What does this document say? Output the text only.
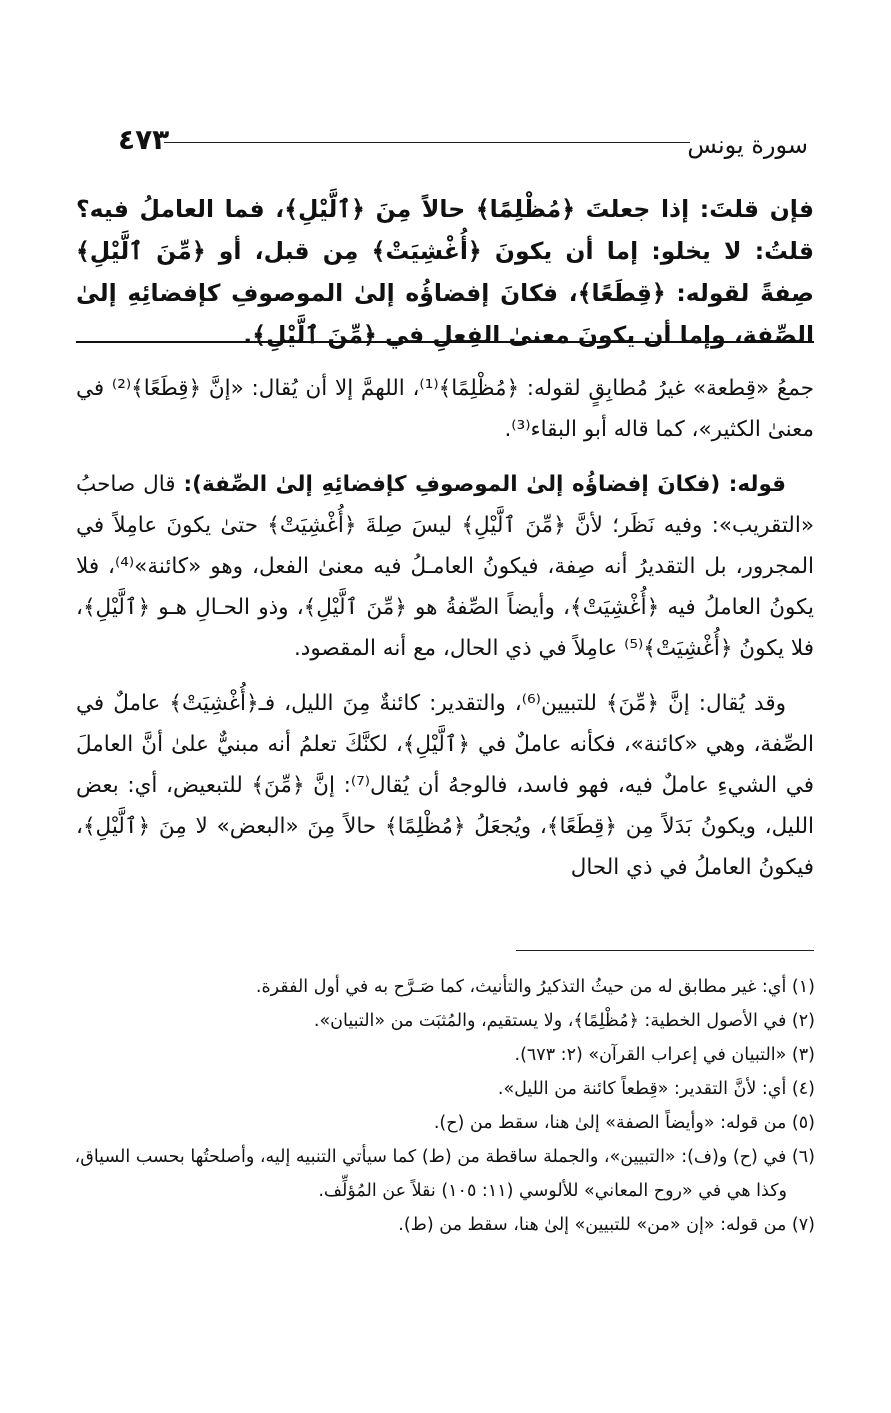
سورة يونس
٤٧٣

فإن قلتَ: إذا جعلتَ ﴿مُظْلِمًا﴾ حالاً مِنَ ﴿ٱلَّيْلِ﴾، فما العاملُ فيه؟ قلتُ: لا يخلو: إما أن يكونَ ﴿أُغْشِيَتْ﴾ مِن قبل، أو ﴿مِّنَ ٱلَّيْلِ﴾ صِفةً لقوله: ﴿قِطَعًا﴾، فكانَ إفضاؤُه إلىٰ الموصوفِ كإفضائِهِ إلىٰ الصِّفة، وإما أن يكونَ معنىٰ الفِعلِ في ﴿مِّنَ ٱلَّيْلِ﴾.

جمعُ «قِطعة» غيرُ مُطابِقٍ لقوله: ﴿مُظْلِمًا﴾⁽¹⁾، اللهمَّ إلا أن يُقال: «إنَّ ﴿قِطَعًا﴾⁽²⁾ في معنىٰ الكثير»، كما قاله أبو البقاء⁽³⁾.

قوله: (فكانَ إفضاؤُه إلىٰ الموصوفِ كإفضائِهِ إلىٰ الصِّفة): قال صاحبُ «التقريب»: وفيه نَظَر؛ لأنَّ ﴿مِّنَ ٱلَّيْلِ﴾ ليسَ صِلةَ ﴿أُغْشِيَتْ﴾ حتىٰ يكونَ عامِلاً في المجرور، بل التقديرُ أنه صِفة، فيكونُ العامـلُ فيه معنىٰ الفعل، وهو «كائنة»⁽⁴⁾، فلا يكونُ العاملُ فيه ﴿أُغْشِيَتْ﴾، وأيضاً الصِّفةُ هو ﴿مِّنَ ٱلَّيْلِ﴾، وذو الحـالِ هـو ﴿ٱلَّيْلِ﴾، فلا يكونُ ﴿أُغْشِيَتْ﴾⁽⁵⁾ عامِلاً في ذي الحال، مع أنه المقصود.

وقد يُقال: إنَّ ﴿مِّنَ﴾ للتبيين⁽⁶⁾، والتقدير: كائنةٌ مِنَ الليل، فـ﴿أُغْشِيَتْ﴾ عاملٌ في الصِّفة، وهي «كائنة»، فكأنه عاملٌ في ﴿ٱلَّيْلِ﴾، لكنَّكَ تعلمُ أنه مبنيٌّ علىٰ أنَّ العاملَ في الشيءِ عاملٌ فيه، فهو فاسد، فالوجهُ أن يُقال⁽⁷⁾: إنَّ ﴿مِّنَ﴾ للتبعيض، أي: بعض الليل، ويكونُ بَدَلاً مِن ﴿قِطَعًا﴾، ويُجعَلُ ﴿مُظْلِمًا﴾ حالاً مِنَ «البعض» لا مِنَ ﴿ٱلَّيْلِ﴾، فيكونُ العاملُ في ذي الحال

(١) أي: غير مطابق له من حيثُ التذكيرُ والتأنيث، كما صَـرَّح به في أول الفقرة.

(٢) في الأصول الخطية: ﴿مُظْلِمًا﴾، ولا يستقيم، والمُثبَت من «التبيان».

(٣) «التبيان في إعراب القرآن» (٢: ٦٧٣).

(٤) أي: لأنَّ التقدير: «قِطعاً كائنة من الليل».

(٥) من قوله: «وأيضاً الصفة» إلىٰ هنا، سقط من (ح).

(٦) في (ح) و(ف): «التبيين»، والجملة ساقطة من (ط) كما سيأتي التنبيه إليه، وأصلحتُها بحسب السياق،

وكذا هي في «روح المعاني» للألوسي (١١: ١٠٥) نقلاً عن المُؤلِّف.

(٧) من قوله: «إن «من» للتبيين» إلىٰ هنا، سقط من (ط).
